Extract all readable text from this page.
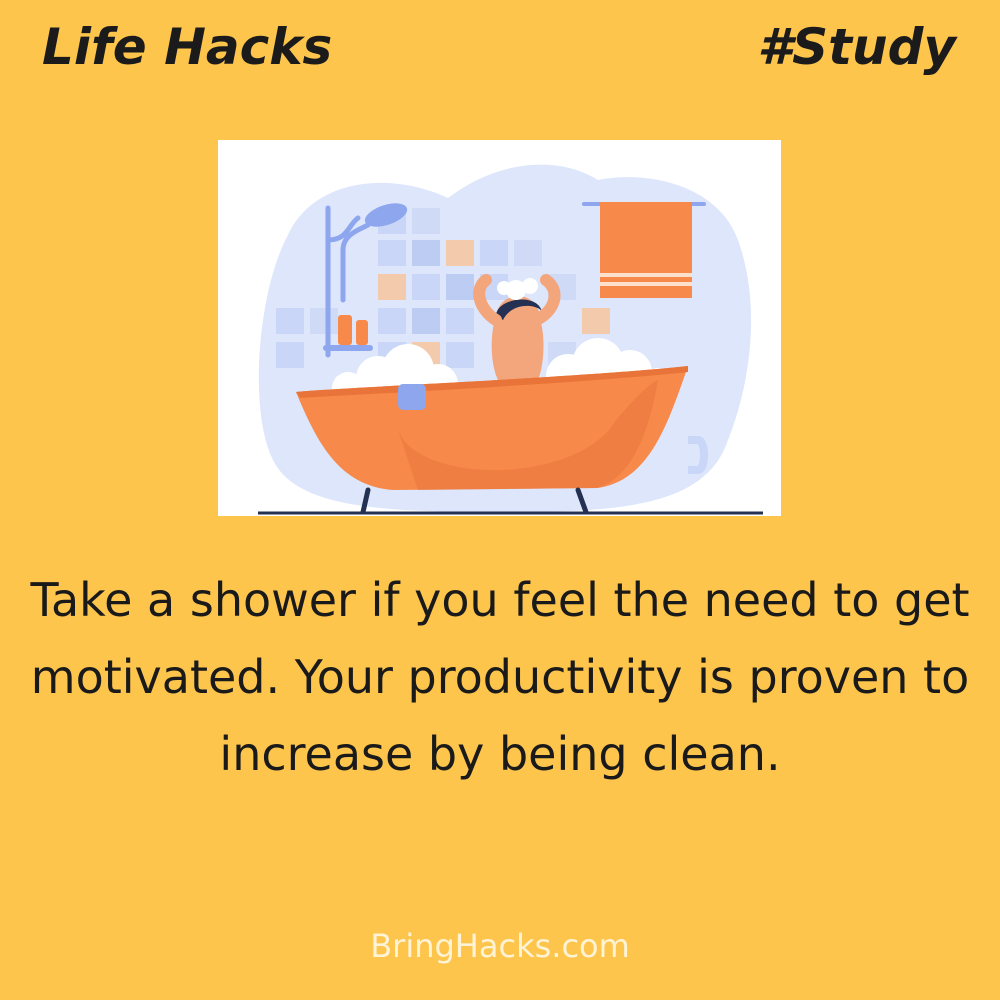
Life Hacks	#Study

Take a shower if you feel the need to get motivated. Your productivity is proven to increase by being clean.

BringHacks.com
